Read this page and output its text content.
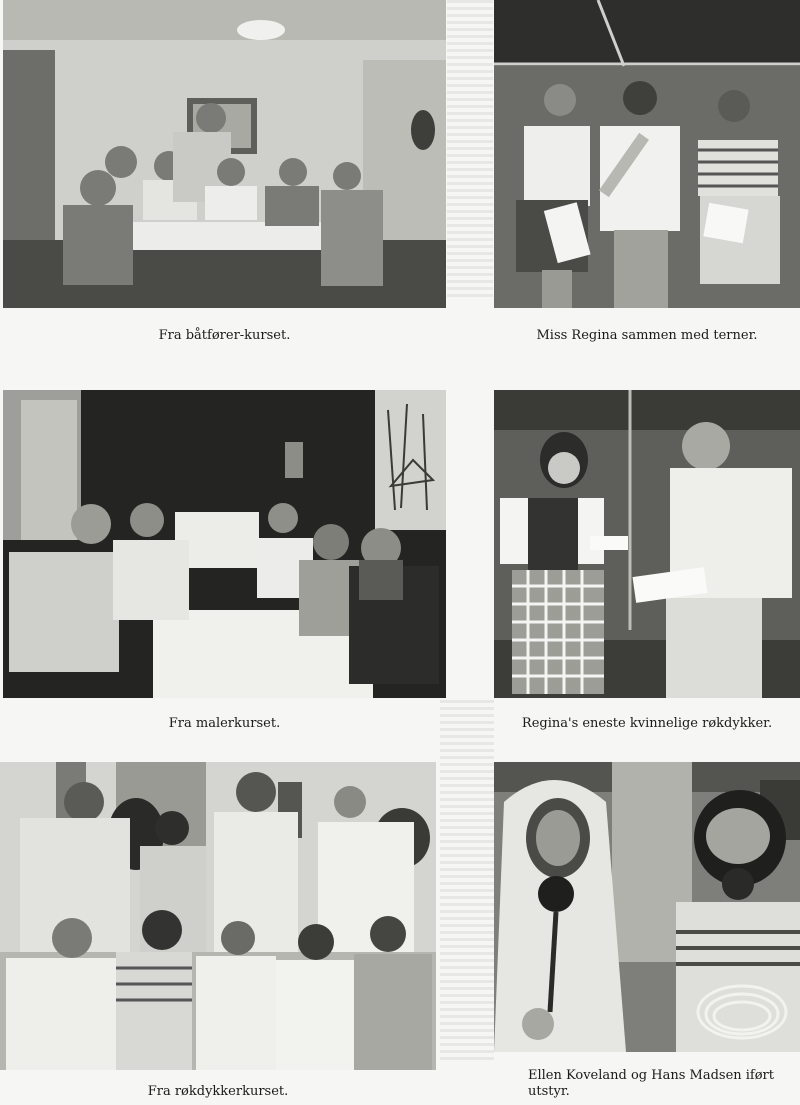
Fra båtfører-kurset.	Miss Regina sammen med terner.
Fra malerkurset.	Regina's eneste kvinnelige røkdykker.
Fra røkdykkerkurset.
Ellen Koveland og Hans Madsen iført utstyr.
